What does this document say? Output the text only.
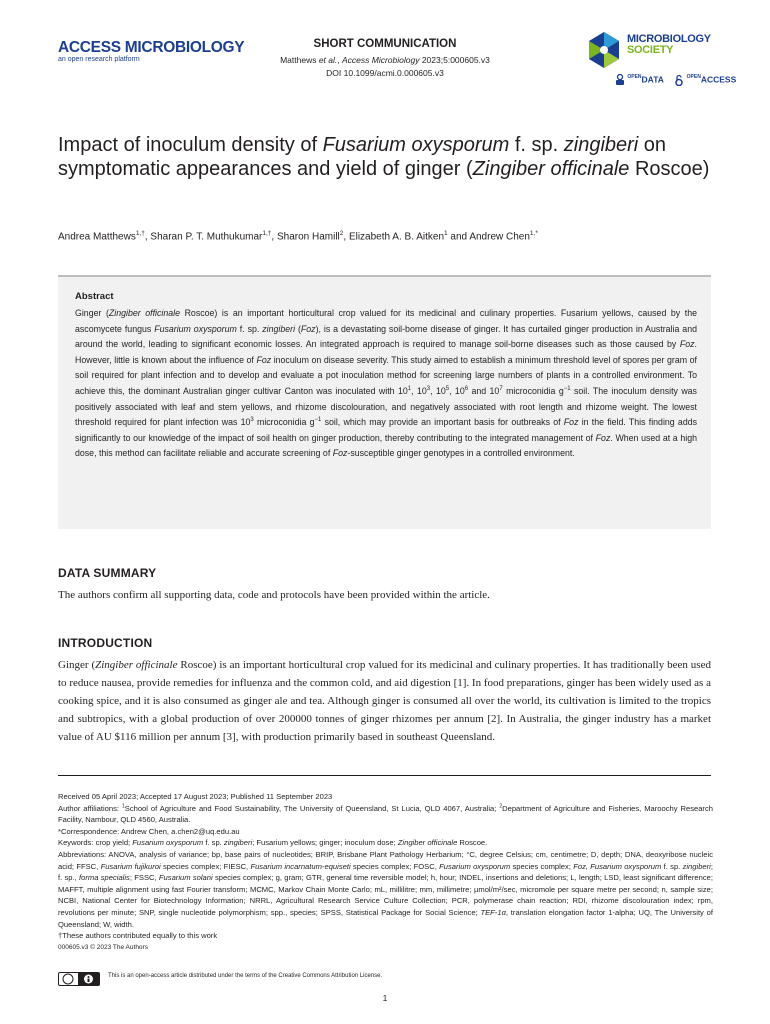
ACCESS MICROBIOLOGY
an open research platform
SHORT COMMUNICATION
Matthews et al., Access Microbiology 2023;5:000605.v3
DOI 10.1099/acmi.0.000605.v3
MICROBIOLOGY
SOCIETY
$^{OPEN}$DATA	$^{OPEN}$ACCESS
Impact of inoculum density of Fusarium oxysporum f. sp. zingiberi on symptomatic appearances and yield of ginger (Zingiber officinale Roscoe)
Andrea Matthews$^{1,\dagger}$, Sharan P. T. Muthukumar$^{1,\dagger}$, Sharon Hamill$^2$, Elizabeth A. B. Aitken$^1$ and Andrew Chen$^{1,*}$
Abstract
Ginger (Zingiber officinale Roscoe) is an important horticultural crop valued for its medicinal and culinary properties. Fusarium yellows, caused by the ascomycete fungus Fusarium oxysporum f. sp. zingiberi (Foz), is a devastating soil-borne disease of ginger. It has curtailed ginger production in Australia and around the world, leading to significant economic losses. An integrated approach is required to manage soil-borne diseases such as those caused by Foz. However, little is known about the influence of Foz inoculum on disease severity. This study aimed to establish a minimum threshold level of spores per gram of soil required for plant infection and to develop and evaluate a pot inoculation method for screening large numbers of plants in a controlled environment. To achieve this, the dominant Australian ginger cultivar Canton was inoculated with $10^1$, $10^3$, $10^5$, $10^6$ and $10^7$ microconidia $g^{-1}$ soil. The inoculum density was positively associated with leaf and stem yellows, and rhizome discolouration, and negatively associated with root length and rhizome weight. The lowest threshold required for plant infection was $10^3$ microconidia $g^{-1}$ soil, which may provide an important basis for outbreaks of Foz in the field. This finding adds significantly to our knowledge of the impact of soil health on ginger production, thereby contributing to the integrated management of Foz. When used at a high dose, this method can facilitate reliable and accurate screening of Foz-susceptible ginger genotypes in a controlled environment.
DATA SUMMARY
The authors confirm all supporting data, code and protocols have been provided within the article.
INTRODUCTION
Ginger (Zingiber officinale Roscoe) is an important horticultural crop valued for its medicinal and culinary properties. It has traditionally been used to reduce nausea, provide remedies for influenza and the common cold, and aid digestion [1]. In food preparations, ginger has been widely used as a cooking spice, and it is also consumed as ginger ale and tea. Although ginger is consumed all over the world, its cultivation is limited to the tropics and subtropics, with a global production of over 200000 tonnes of ginger rhizomes per annum [2]. In Australia, the ginger industry has a market value of AU $116 million per annum [3], with production primarily based in southeast Queensland.
Received 05 April 2023; Accepted 17 August 2023; Published 11 September 2023
Author affiliations: $^1$School of Agriculture and Food Sustainability, The University of Queensland, St Lucia, QLD 4067, Australia; $^2$Department of Agriculture and Fisheries, Maroochy Research Facility, Nambour, QLD 4560, Australia.
*Correspondence: Andrew Chen, a.chen2@uq.edu.au
Keywords: crop yield; Fusarium oxysporum f. sp. zingiberi; Fusarium yellows; ginger; inoculum dose; Zingiber officinale Roscoe.
Abbreviations: ANOVA, analysis of variance; bp, base pairs of nucleotides; BRIP, Brisbane Plant Pathology Herbarium; °C, degree Celsius; cm, centimetre; D, depth; DNA, deoxyribose nucleic acid; FFSC, Fusarium fujikuroi species complex; FIESC, Fusarium incarnatum-equiseti species complex; FOSC, Fusarium oxysporum species complex; Foz, Fusarium oxysporum f. sp. zingiberi; f. sp., forma specialis; FSSC, Fusarium solani species complex; g, gram; GTR, general time reversible model; h, hour; INDEL, insertions and deletions; L, length; LSD, least significant difference; MAFFT, multiple alignment using fast Fourier transform; MCMC, Markov Chain Monte Carlo; mL, millilitre; mm, millimetre; µmol/m²/sec, micromole per square metre per second; n, sample size; NCBI, National Center for Biotechnology Information; NRRL, Agricultural Research Service Culture Collection; PCR, polymerase chain reaction; RDI, rhizome discolouration index; rpm, revolutions per minute; SNP, single nucleotide polymorphism; spp., species; SPSS, Statistical Package for Social Science; TEF-1α, translation elongation factor 1-alpha; UQ, The University of Queensland; W, width.
†These authors contributed equally to this work
000605.v3 © 2023 The Authors
This is an open-access article distributed under the terms of the Creative Commons Attribution License.
1
